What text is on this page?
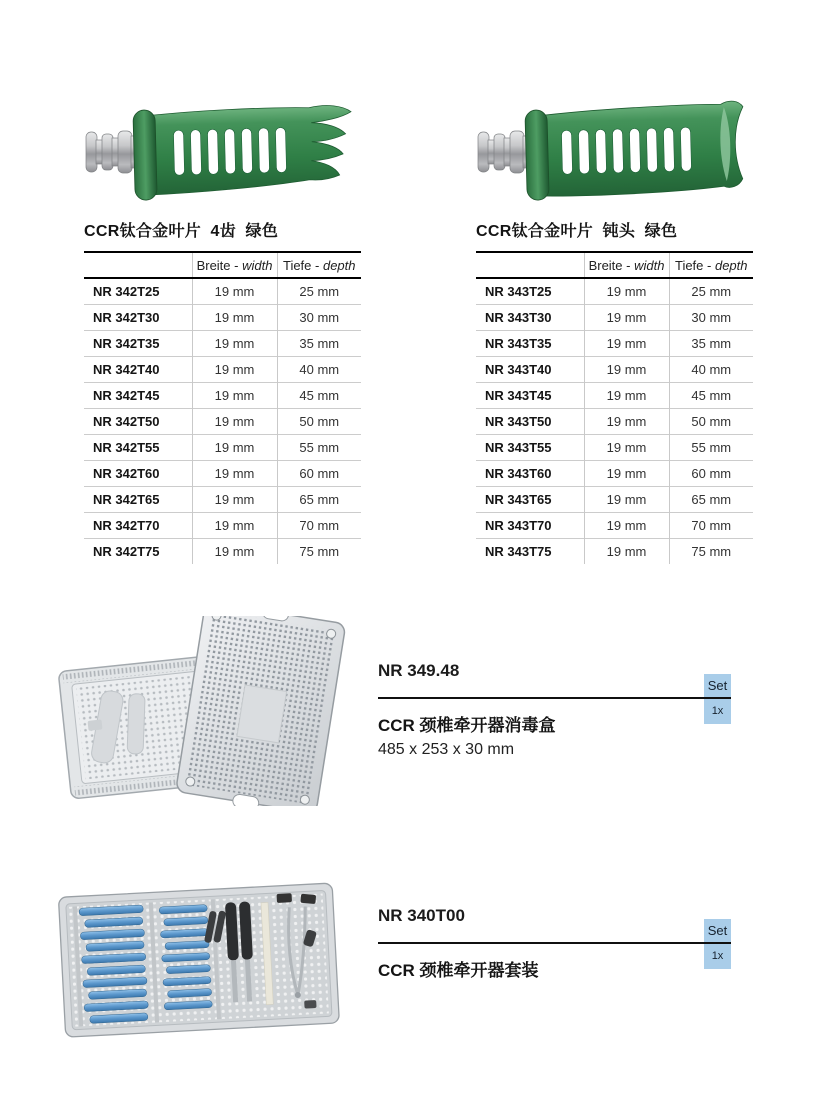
CCR钛合金叶片  4齿  绿色
	Breite - width	Tiefe - depth
NR 342T25	19 mm	25 mm
NR 342T30	19 mm	30 mm
NR 342T35	19 mm	35 mm
NR 342T40	19 mm	40 mm
NR 342T45	19 mm	45 mm
NR 342T50	19 mm	50 mm
NR 342T55	19 mm	55 mm
NR 342T60	19 mm	60 mm
NR 342T65	19 mm	65 mm
NR 342T70	19 mm	70 mm
NR 342T75	19 mm	75 mm
CCR钛合金叶片  钝头  绿色
	Breite - width	Tiefe - depth
NR 343T25	19 mm	25 mm
NR 343T30	19 mm	30 mm
NR 343T35	19 mm	35 mm
NR 343T40	19 mm	40 mm
NR 343T45	19 mm	45 mm
NR 343T50	19 mm	50 mm
NR 343T55	19 mm	55 mm
NR 343T60	19 mm	60 mm
NR 343T65	19 mm	65 mm
NR 343T70	19 mm	70 mm
NR 343T75	19 mm	75 mm
NR 349.48
Set
1x
CCR 颈椎牵开器消毒盒
485 x 253 x 30 mm
NR 340T00
Set
1x
CCR 颈椎牵开器套装
